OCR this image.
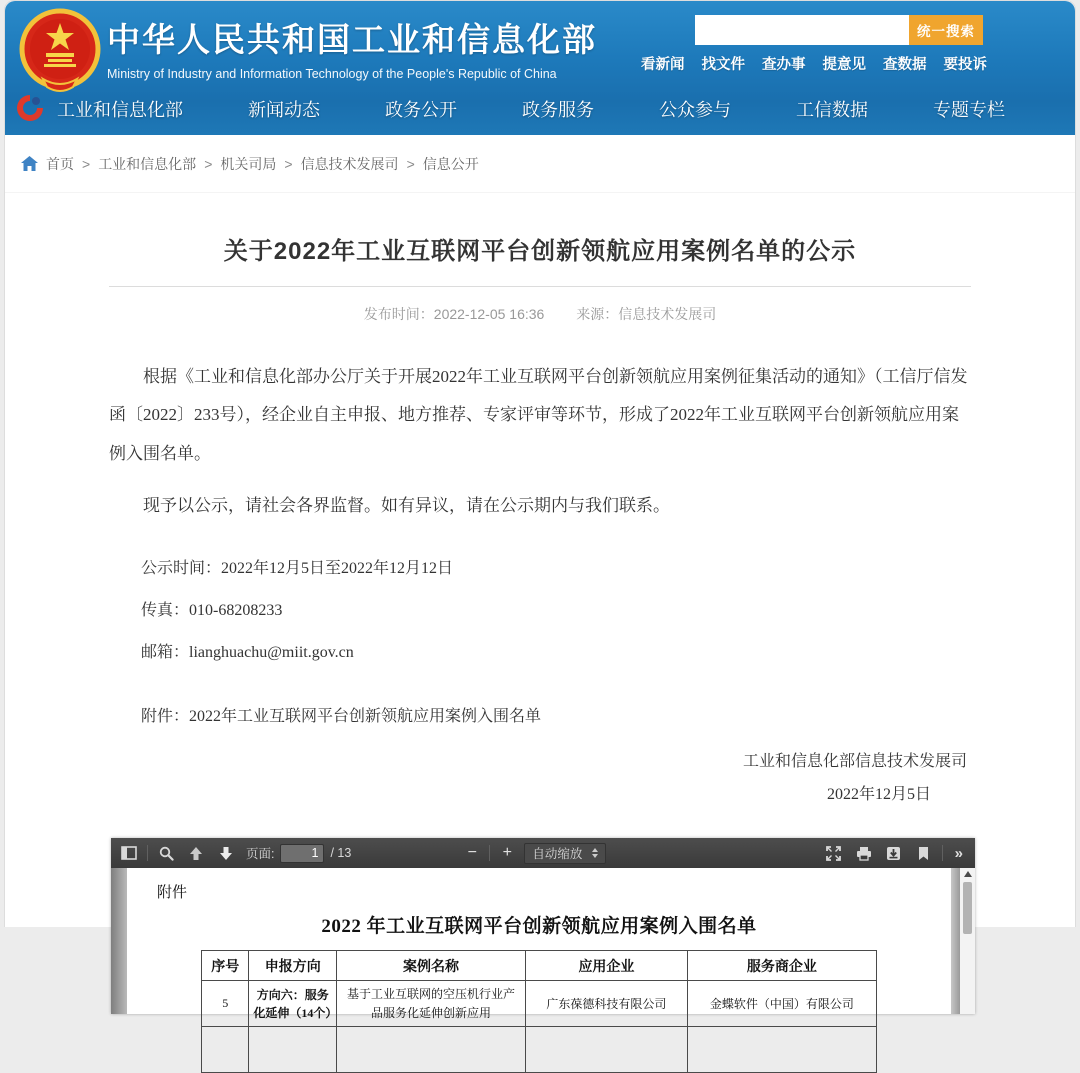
中华人民共和国工业和信息化部
Ministry of Industry and Information Technology of the People's Republic of China
统一搜索
看新闻 找文件 查办事 提意见 查数据 要投诉
工业和信息化部	新闻动态	政务公开	政务服务	公众参与	工信数据	专题专栏
首页 > 工业和信息化部 > 机关司局 > 信息技术发展司 > 信息公开
关于2022年工业互联网平台创新领航应用案例名单的公示
发布时间：2022-12-05 16:36 来源：信息技术发展司

根据《工业和信息化部办公厅关于开展2022年工业互联网平台创新领航应用案例征集活动的通知》（工信厅信发函〔2022〕233号），经企业自主申报、地方推荐、专家评审等环节，形成了2022年工业互联网平台创新领航应用案例入围名单。

现予以公示，请社会各界监督。如有异议，请在公示期内与我们联系。

公示时间：2022年12月5日至2022年12月12日

传真：010-68208233

邮箱：lianghuachu@miit.gov.cn

附件：2022年工业互联网平台创新领航应用案例入围名单

工业和信息化部信息技术发展司

2022年12月5日

页面:
1	/ 13	−	+	自动缩放	»
附件
2022 年工业互联网平台创新领航应用案例入围名单
序号	申报方向	案例名称	应用企业	服务商企业
5	方向六：服务化延伸（14个）	基于工业互联网的空压机行业产品服务化延伸创新应用	广东葆德科技有限公司	金蝶软件（中国）有限公司
